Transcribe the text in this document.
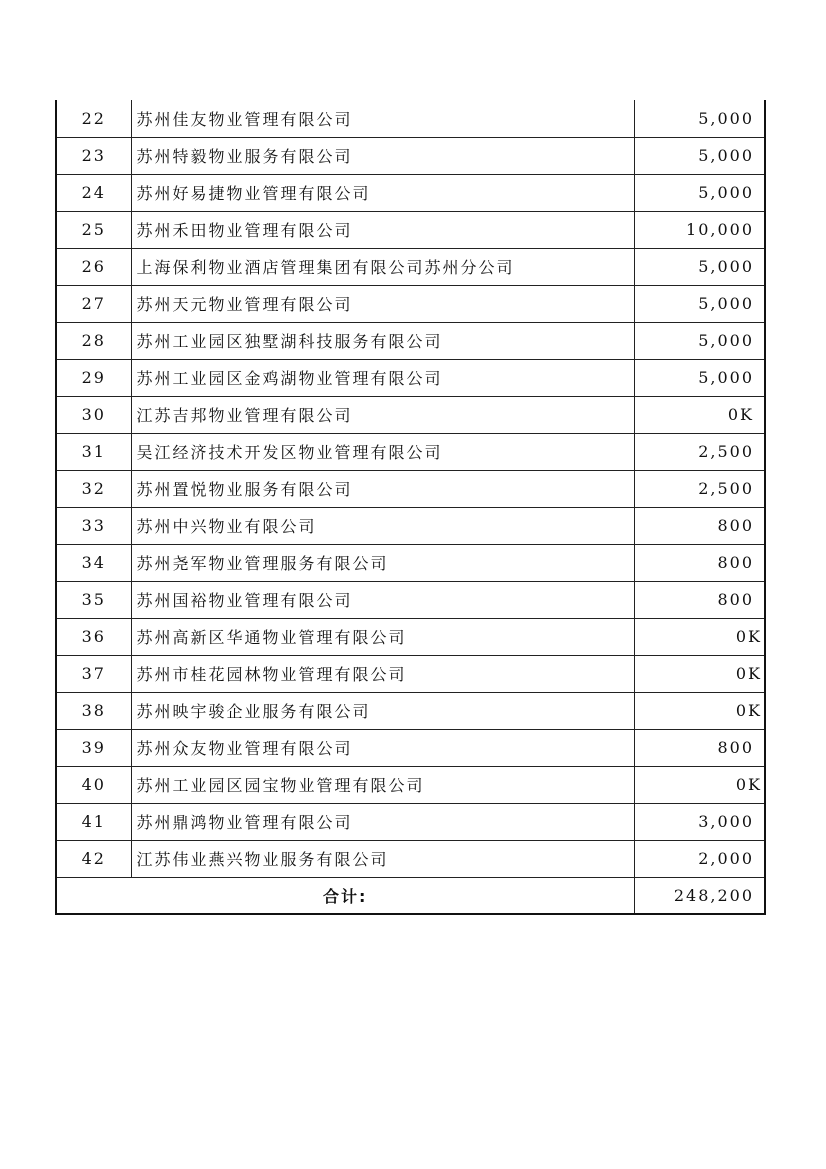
22	苏州佳友物业管理有限公司	5,000
23	苏州特毅物业服务有限公司	5,000
24	苏州好易捷物业管理有限公司	5,000
25	苏州禾田物业管理有限公司	10,000
26	上海保利物业酒店管理集团有限公司苏州分公司	5,000
27	苏州天元物业管理有限公司	5,000
28	苏州工业园区独墅湖科技服务有限公司	5,000
29	苏州工业园区金鸡湖物业管理有限公司	5,000
30	江苏吉邦物业管理有限公司	0K
31	吴江经济技术开发区物业管理有限公司	2,500
32	苏州置悦物业服务有限公司	2,500
33	苏州中兴物业有限公司	800
34	苏州尧军物业管理服务有限公司	800
35	苏州国裕物业管理有限公司	800
36	苏州高新区华通物业管理有限公司	0K
37	苏州市桂花园林物业管理有限公司	0K
38	苏州映宇骏企业服务有限公司	0K
39	苏州众友物业管理有限公司	800
40	苏州工业园区园宝物业管理有限公司	0K
41	苏州鼎鸿物业管理有限公司	3,000
42	江苏伟业燕兴物业服务有限公司	2,000
合计:		248,200
